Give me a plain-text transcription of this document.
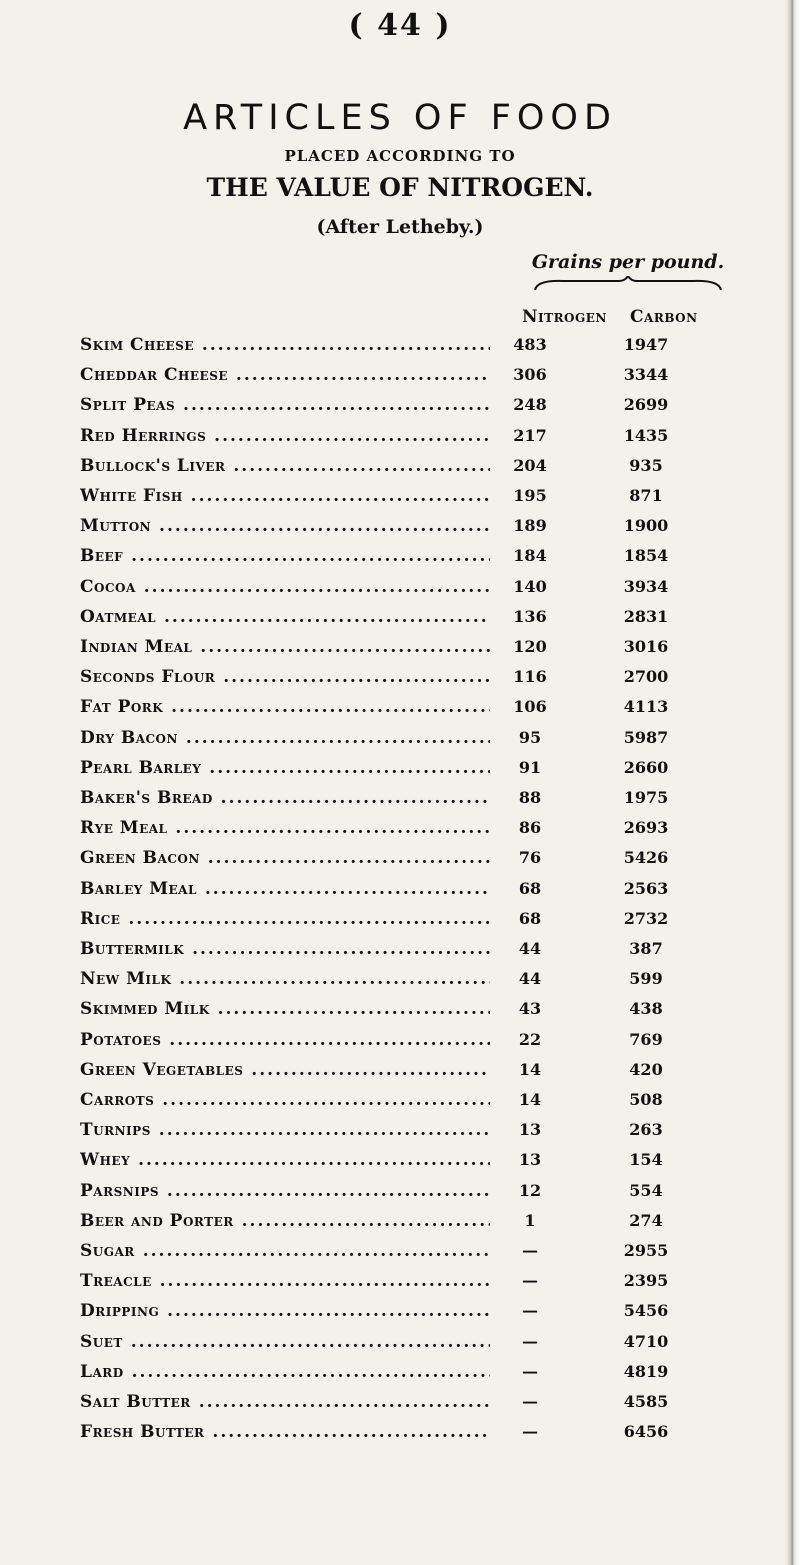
( 44 )
ARTICLES OF FOOD
PLACED ACCORDING TO
THE VALUE OF NITROGEN.
(After Letheby.)
Grains per pound.
Nitrogen Carbon
Skim Cheese .....	483	1947
Cheddar Cheese .....	306	3344
Split Peas .....	248	2699
Red Herrings .....	217	1435
Bullock's Liver .....	204	935
White Fish .....	195	871
Mutton .....	189	1900
Beef .....	184	1854
Cocoa .....	140	3934
Oatmeal .....	136	2831
Indian Meal .....	120	3016
Seconds Flour .....	116	2700
Fat Pork .....	106	4113
Dry Bacon .....	95	5987
Pearl Barley .....	91	2660
Baker's Bread .....	88	1975
Rye Meal .....	86	2693
Green Bacon .....	76	5426
Barley Meal .....	68	2563
Rice .....	68	2732
Buttermilk .....	44	387
New Milk .....	44	599
Skimmed Milk .....	43	438
Potatoes .....	22	769
Green Vegetables .....	14	420
Carrots .....	14	508
Turnips .....	13	263
Whey .....	13	154
Parsnips .....	12	554
Beer and Porter .....	1	274
Sugar .....	—	2955
Treacle .....	—	2395
Dripping .....	—	5456
Suet .....	—	4710
Lard .....	—	4819
Salt Butter .....	—	4585
Fresh Butter .....	—	6456
